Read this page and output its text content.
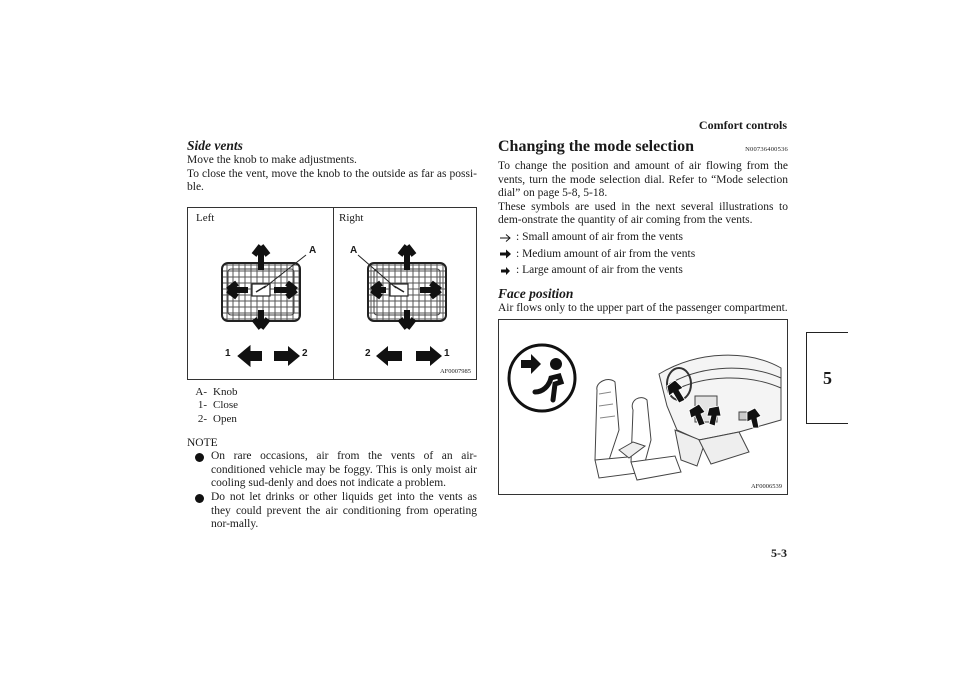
Comfort controls
5
5-3

Side vents

Move the knob to make adjustments.

To close the vent, move the knob to the outside as far as possi-ble.

Left	Right
A	A
1	2	2	1
AF0007985
A- Knob
1- Close
2- Open
NOTE
On rare occasions, air from the vents of an air-conditioned vehicle may be foggy. This is only moist air cooling sud-denly and does not indicate a problem.
Do not let drinks or other liquids get into the vents as they could prevent the air conditioning from operating nor-mally.
N00736400536

Changing the mode selection

To change the position and amount of air flowing from the vents, turn the mode selection dial. Refer to “Mode selection dial” on page 5-8, 5-18.

These symbols are used in the next several illustrations to dem-onstrate the quantity of air coming from the vents.

: Small amount of air from the vents
: Medium amount of air from the vents
: Large amount of air from the vents

Face position

Air flows only to the upper part of the passenger compartment.

AF0006539
